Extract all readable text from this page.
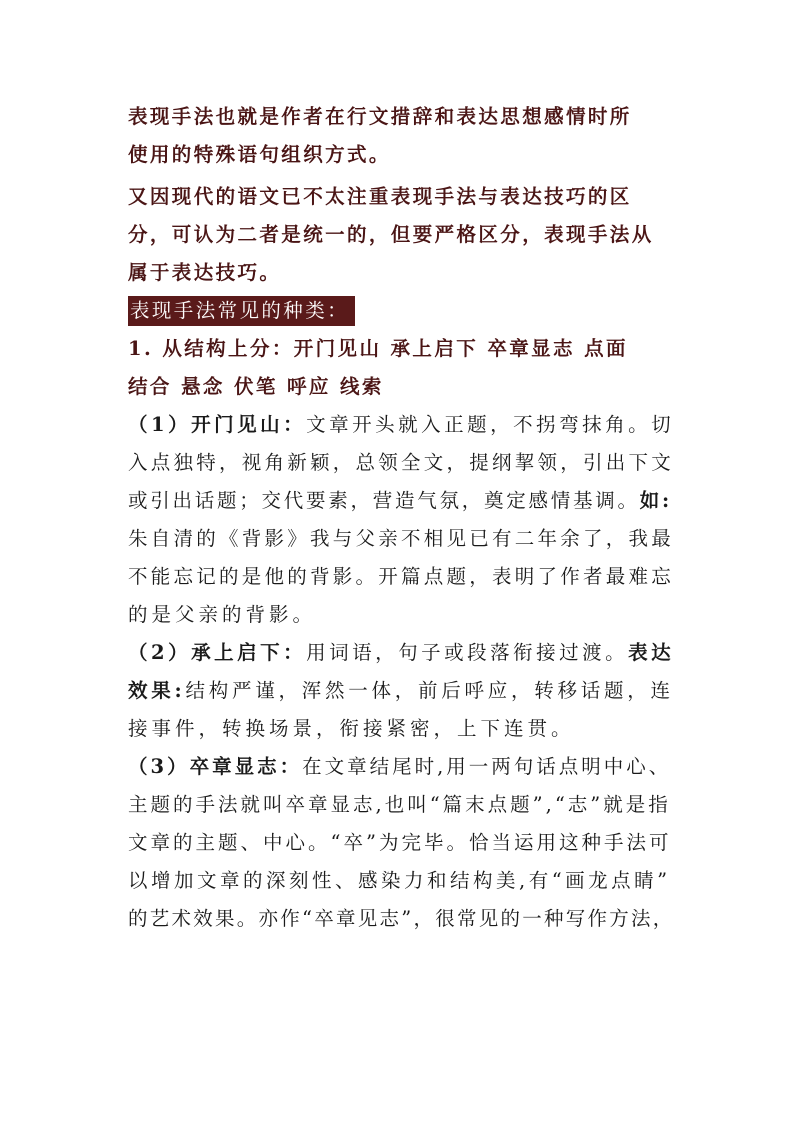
表现手法也就是作者在行文措辞和表达思想感情时所
使用的特殊语句组织方式。
又因现代的语文已不太注重表现手法与表达技巧的区
分，可认为二者是统一的，但要严格区分，表现手法从
属于表达技巧。
表现手法常见的种类：
1. 从结构上分：开门见山 承上启下 卒章显志 点面
结合 悬念 伏笔 呼应 线索
（1）开门见山：文章开头就入正题，不拐弯抹角。切
入点独特，视角新颖，总领全文，提纲挈领，引出下文
或引出话题；交代要素，营造气氛，奠定感情基调。如:
朱自清的《背影》我与父亲不相见已有二年余了，我最
不能忘记的是他的背影。开篇点题，表明了作者最难忘
的是父亲的背影。
（2）承上启下：用词语，句子或段落衔接过渡。表达
效果:结构严谨，浑然一体，前后呼应，转移话题，连
接事件，转换场景，衔接紧密，上下连贯。
（3）卒章显志：在文章结尾时,用一两句话点明中心、
主题的手法就叫卒章显志,也叫“篇末点题”,“志”就是指
文章的主题、中心。“卒”为完毕。恰当运用这种手法可
以增加文章的深刻性、感染力和结构美,有“画龙点睛”
的艺术效果。亦作“卒章见志”，很常见的一种写作方法，
